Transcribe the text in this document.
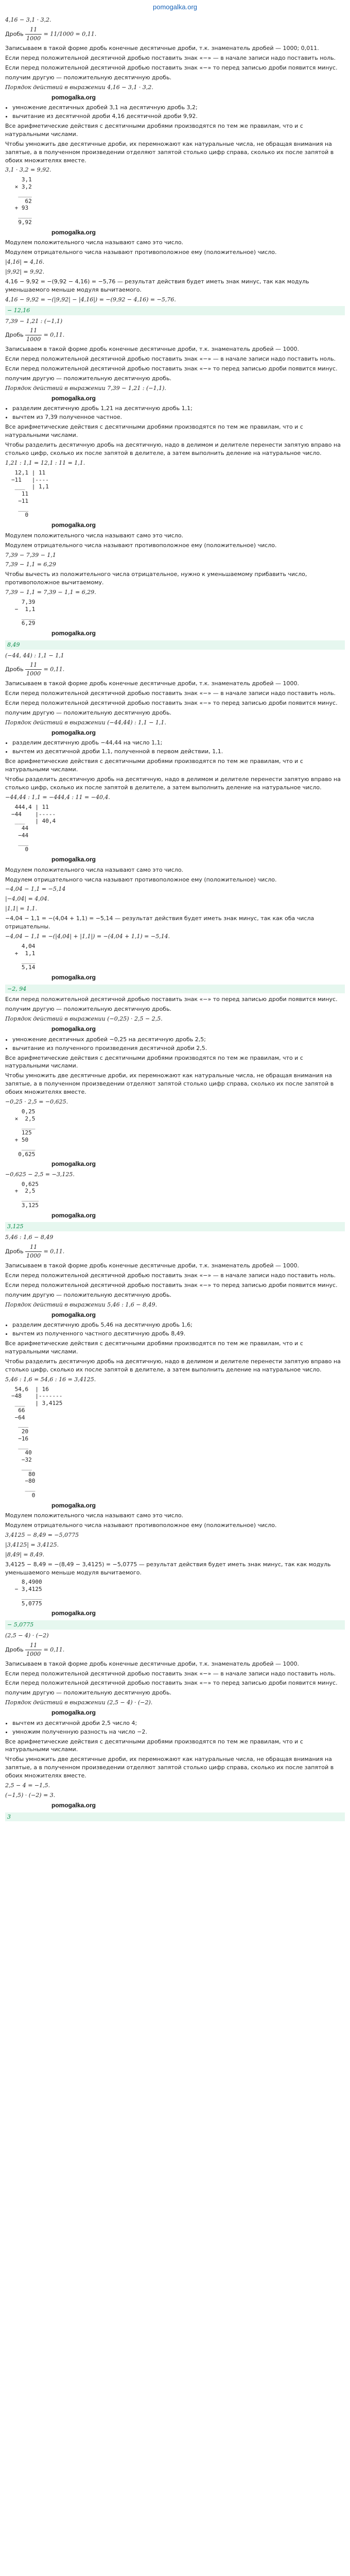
pomogalka.org
4,16 − 3,1 · 3,2.
Дробь $\frac{11}{1000} = 11/1000 = 0,11$.
Записываем в такой форме дробь конечные десятичные дроби, т.к. знаменатель дробей — 1000; 0,011.
Если перед положительной десятичной дробью поставить знак «−» — в начале записи надо поставить ноль.
Если перед положительной десятичной дробью поставить знак «−» то перед записью дроби появится минус.
получим другую — положительную десятичную дробь.
Порядок действий в выражении 4,16 − 3,1 · 3,2.
pomogalka.org
• умножение десятичных дробей 3,1 на десятичную дробь 3,2;
• вычитание из десятичной дроби 4,16 десятичной дроби 9,92.
Все арифметические действия с десятичными дробями производятся по тем же правилам, что и с натуральными числами.
Чтобы умножить две десятичные дроби, их перемножают как натуральные числа, не обращая внимания на запятые, а в полученном произведении отделяют запятой столько цифр справа, сколько их после запятой в обоих множителях вместе.
3,1 · 3,2 = 9,92.
3,1
× 3,2
____
62
+ 93
____
9,92
pomogalka.org
Модулем положительного числа называют само это число.
Модулем отрицательного числа называют противоположное ему (положительное) число.
|4,16| = 4,16.
|9,92| = 9,92.
4,16 − 9,92 = −(9,92 − 4,16) = −5,76 — результат действия будет иметь знак минус, так как модуль уменьшаемого меньше модуля вычитаемого.
4,16 − 9,92 = −(|9,92| − |4,16|) = −(9,92 − 4,16) = −5,76.
− 12,16
7,39 − 1,21 : (−1,1)
Дробь $\frac{11}{1000} = 0,11$.
Записываем в такой форме дробь конечные десятичные дроби, т.к. знаменатель дробей — 1000.
Если перед положительной десятичной дробью поставить знак «−» — в начале записи надо поставить ноль.
Если перед положительной десятичной дробью поставить знак «−» то перед записью дроби появится минус.
получим другую — положительную десятичную дробь.
Порядок действий в выражении 7,39 − 1,21 : (−1,1).
pomogalka.org
• разделим десятичную дробь 1,21 на десятичную дробь 1,1;
• вычтем из 7,39 полученное частное.
Все арифметические действия с десятичными дробями производятся по тем же правилам, что и с натуральными числами.
Чтобы разделить десятичную дробь на десятичную, надо в делимом и делителе перенести запятую вправо на столько цифр, сколько их после запятой в делителе, а затем выполнить деление на натуральное число.
1,21 : 1,1 = 12,1 : 11 = 1,1.
12,1 | 11
−11   |----
___  | 1,1
11
−11
___
0
pomogalka.org
Модулем положительного числа называют само это число.
Модулем отрицательного числа называют противоположное ему (положительное) число.
7,39 − 7,39 − 1,1
7,39 − 1,1 = 6,29
Чтобы вычесть из положительного числа отрицательное, нужно к уменьшаемому прибавить число, противоположное вычитаемому.
7,39 − 1,1 = 7,39 − 1,1 = 6,29.
7,39
−  1,1
____
6,29
pomogalka.org
8,49
(−44, 44) : 1,1 − 1,1
Дробь $\frac{11}{1000} = 0,11$.
Записываем в такой форме дробь конечные десятичные дроби, т.к. знаменатель дробей — 1000.
Если перед положительной десятичной дробью поставить знак «−» — в начале записи надо поставить ноль.
Если перед положительной десятичной дробью поставить знак «−» то перед записью дроби появится минус.
получим другую — положительную десятичную дробь.
Порядок действий в выражении (−44,44) : 1,1 − 1,1.
pomogalka.org
• разделим десятичную дробь −44,44 на число 1,1;
• вычтем из десятичной дроби 1,1, полученной в первом действии, 1,1.
Все арифметические действия с десятичными дробями производятся по тем же правилам, что и с натуральными числами.
Чтобы разделить десятичную дробь на десятичную, надо в делимом и делителе перенести запятую вправо на столько цифр, сколько их после запятой в делителе, а затем выполнить деление на натуральное число.
−44,44 : 1,1 = −444,4 : 11 = −40,4.
444,4 | 11
−44    |-----
___   | 40,4
44
−44
___
0
pomogalka.org
Модулем положительного числа называют само это число.
Модулем отрицательного числа называют противоположное ему (положительное) число.
−4,04 − 1,1 = −5,14
|−4,04| = 4,04.
|1,1| = 1,1.
−4,04 − 1,1 = −(4,04 + 1,1) = −5,14 — результат действия будет иметь знак минус, так как оба числа отрицательны.
−4,04 − 1,1 = −(|4,04| + |1,1|) = −(4,04 + 1,1) = −5,14.
4,04
+  1,1
____
5,14
pomogalka.org
−2, 94
Если перед положительной десятичной дробью поставить знак «−» то перед записью дроби появится минус.
получим другую — положительную десятичную дробь.
Порядок действий в выражении (−0,25) · 2,5 − 2,5.
pomogalka.org
• умножение десятичных дробей −0,25 на десятичную дробь 2,5;
• вычитание из полученного произведения десятичной дроби 2,5.
Все арифметические действия с десятичными дробями производятся по тем же правилам, что и с натуральными числами.
Чтобы умножить две десятичные дроби, их перемножают как натуральные числа, не обращая внимания на запятые, а в полученном произведении отделяют запятой столько цифр справа, сколько их после запятой в обоих множителях вместе.
−0,25 · 2,5 = −0,625.
0,25
×  2,5
____
125
+ 50
____
0,625
pomogalka.org
−0,625 − 2,5 = −3,125.
0,625
+  2,5
_____
3,125
pomogalka.org
3,125
5,46 : 1,6 − 8,49
Дробь $\frac{11}{1000} = 0,11$.
Записываем в такой форме дробь конечные десятичные дроби, т.к. знаменатель дробей — 1000.
Если перед положительной десятичной дробью поставить знак «−» — в начале записи надо поставить ноль.
Если перед положительной десятичной дробью поставить знак «−» то перед записью дроби появится минус.
получим другую — положительную десятичную дробь.
Порядок действий в выражении 5,46 : 1,6 − 8,49.
pomogalka.org
• разделим десятичную дробь 5,46 на десятичную дробь 1,6;
• вычтем из полученного частного десятичную дробь 8,49.
Все арифметические действия с десятичными дробями производятся по тем же правилам, что и с натуральными числами.
Чтобы разделить десятичную дробь на десятичную, надо в делимом и делителе перенести запятую вправо на столько цифр, сколько их после запятой в делителе, а затем выполнить деление на натуральное число.
5,46 : 1,6 = 54,6 : 16 = 3,4125.
54,6  | 16
−48    |-------
___   | 3,4125
66
−64
___
20
−16
___
40
−32
___
80
−80
___
0
pomogalka.org
Модулем положительного числа называют само это число.
Модулем отрицательного числа называют противоположное ему (положительное) число.
3,4125 − 8,49 = −5,0775
|3,4125| = 3,4125.
|8,49| = 8,49.
3,4125 − 8,49 = −(8,49 − 3,4125) = −5,0775 — результат действия будет иметь знак минус, так как модуль уменьшаемого меньше модуля вычитаемого.
8,4900
− 3,4125
______
5,0775
pomogalka.org
− 5,0775
(2,5 − 4) · (−2)
Дробь $\frac{11}{1000} = 0,11$.
Записываем в такой форме дробь конечные десятичные дроби, т.к. знаменатель дробей — 1000.
Если перед положительной десятичной дробью поставить знак «−» — в начале записи надо поставить ноль.
Если перед положительной десятичной дробью поставить знак «−» то перед записью дроби появится минус.
получим другую — положительную десятичную дробь.
Порядок действий в выражении (2,5 − 4) · (−2).
pomogalka.org
• вычтем из десятичной дроби 2,5 число 4;
• умножим полученную разность на число −2.
Все арифметические действия с десятичными дробями производятся по тем же правилам, что и с натуральными числами.
Чтобы умножить две десятичные дроби, их перемножают как натуральные числа, не обращая внимания на запятые, а в полученном произведении отделяют запятой столько цифр справа, сколько их после запятой в обоих множителях вместе.
2,5 − 4 = −1,5.
(−1,5) · (−2) = 3.
pomogalka.org
3
